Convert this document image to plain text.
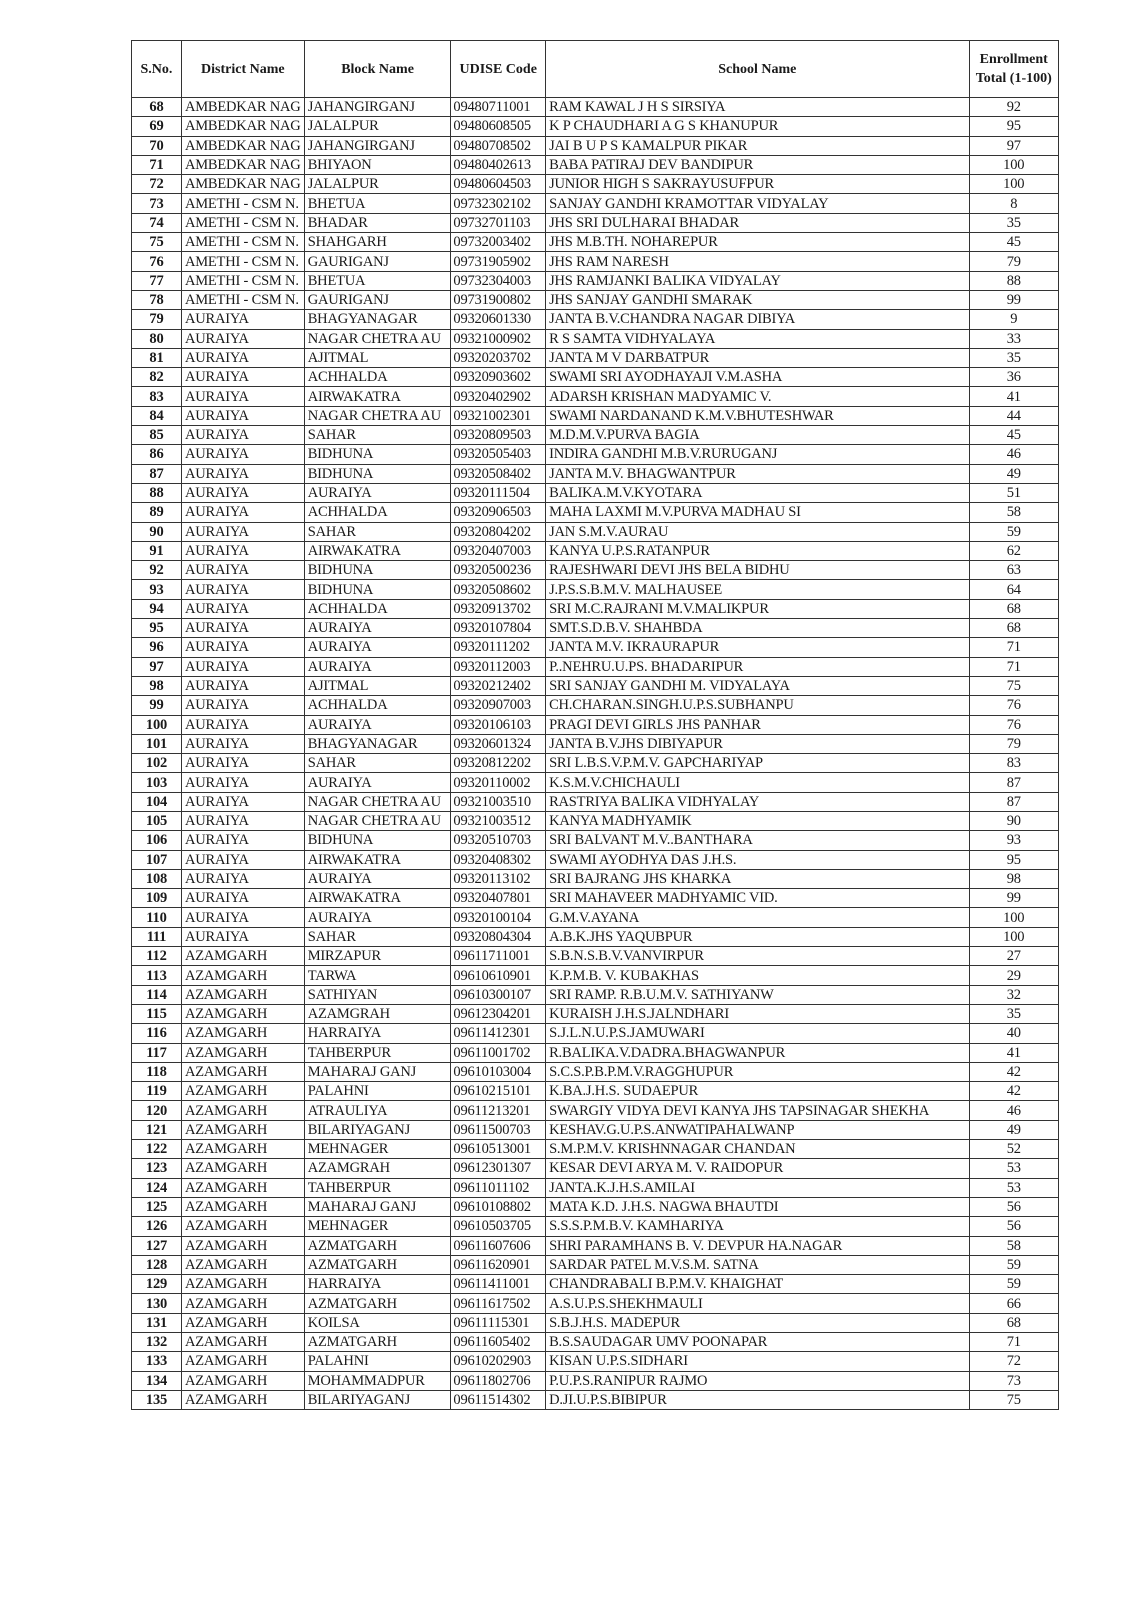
S.No.	District Name	Block Name	UDISE Code	School Name	Enrollment
Total (1-100)
68	AMBEDKAR NAG	JAHANGIRGANJ	09480711001	RAM KAWAL J H S SIRSIYA	92
69	AMBEDKAR NAG	JALALPUR	09480608505	K P CHAUDHARI A G S KHANUPUR	95
70	AMBEDKAR NAG	JAHANGIRGANJ	09480708502	JAI B U P S KAMALPUR PIKAR	97
71	AMBEDKAR NAG	BHIYAON	09480402613	BABA PATIRAJ DEV BANDIPUR	100
72	AMBEDKAR NAG	JALALPUR	09480604503	JUNIOR HIGH S SAKRAYUSUFPUR	100
73	AMETHI - CSM N.	BHETUA	09732302102	SANJAY GANDHI KRAMOTTAR VIDYALAY	8
74	AMETHI - CSM N.	BHADAR	09732701103	JHS SRI DULHARAI BHADAR	35
75	AMETHI - CSM N.	SHAHGARH	09732003402	JHS M.B.TH. NOHAREPUR	45
76	AMETHI - CSM N.	GAURIGANJ	09731905902	JHS RAM NARESH	79
77	AMETHI - CSM N.	BHETUA	09732304003	JHS RAMJANKI BALIKA VIDYALAY	88
78	AMETHI - CSM N.	GAURIGANJ	09731900802	JHS SANJAY GANDHI SMARAK	99
79	AURAIYA	BHAGYANAGAR	09320601330	JANTA B.V.CHANDRA NAGAR DIBIYA	9
80	AURAIYA	NAGAR CHETRA AU	09321000902	R S SAMTA VIDHYALAYA	33
81	AURAIYA	AJITMAL	09320203702	JANTA M V DARBATPUR	35
82	AURAIYA	ACHHALDA	09320903602	SWAMI SRI AYODHAYAJI V.M.ASHA	36
83	AURAIYA	AIRWAKATRA	09320402902	ADARSH KRISHAN MADYAMIC V.	41
84	AURAIYA	NAGAR CHETRA AU	09321002301	SWAMI NARDANAND K.M.V.BHUTESHWAR	44
85	AURAIYA	SAHAR	09320809503	M.D.M.V.PURVA BAGIA	45
86	AURAIYA	BIDHUNA	09320505403	INDIRA GANDHI M.B.V.RURUGANJ	46
87	AURAIYA	BIDHUNA	09320508402	JANTA M.V. BHAGWANTPUR	49
88	AURAIYA	AURAIYA	09320111504	BALIKA.M.V.KYOTARA	51
89	AURAIYA	ACHHALDA	09320906503	MAHA LAXMI M.V.PURVA MADHAU SI	58
90	AURAIYA	SAHAR	09320804202	JAN S.M.V.AURAU	59
91	AURAIYA	AIRWAKATRA	09320407003	KANYA U.P.S.RATANPUR	62
92	AURAIYA	BIDHUNA	09320500236	RAJESHWARI DEVI JHS BELA BIDHU	63
93	AURAIYA	BIDHUNA	09320508602	J.P.S.S.B.M.V. MALHAUSEE	64
94	AURAIYA	ACHHALDA	09320913702	SRI M.C.RAJRANI M.V.MALIKPUR	68
95	AURAIYA	AURAIYA	09320107804	SMT.S.D.B.V. SHAHBDA	68
96	AURAIYA	AURAIYA	09320111202	JANTA M.V. IKRAURAPUR	71
97	AURAIYA	AURAIYA	09320112003	P..NEHRU.U.PS. BHADARIPUR	71
98	AURAIYA	AJITMAL	09320212402	SRI SANJAY GANDHI M. VIDYALAYA	75
99	AURAIYA	ACHHALDA	09320907003	CH.CHARAN.SINGH.U.P.S.SUBHANPU	76
100	AURAIYA	AURAIYA	09320106103	PRAGI DEVI GIRLS JHS PANHAR	76
101	AURAIYA	BHAGYANAGAR	09320601324	JANTA B.V.JHS DIBIYAPUR	79
102	AURAIYA	SAHAR	09320812202	SRI L.B.S.V.P.M.V. GAPCHARIYAP	83
103	AURAIYA	AURAIYA	09320110002	K.S.M.V.CHICHAULI	87
104	AURAIYA	NAGAR CHETRA AU	09321003510	RASTRIYA BALIKA VIDHYALAY	87
105	AURAIYA	NAGAR CHETRA AU	09321003512	KANYA MADHYAMIK	90
106	AURAIYA	BIDHUNA	09320510703	SRI BALVANT M.V..BANTHARA	93
107	AURAIYA	AIRWAKATRA	09320408302	SWAMI AYODHYA DAS J.H.S.	95
108	AURAIYA	AURAIYA	09320113102	SRI BAJRANG JHS KHARKA	98
109	AURAIYA	AIRWAKATRA	09320407801	SRI MAHAVEER MADHYAMIC VID.	99
110	AURAIYA	AURAIYA	09320100104	G.M.V.AYANA	100
111	AURAIYA	SAHAR	09320804304	A.B.K.JHS YAQUBPUR	100
112	AZAMGARH	MIRZAPUR	09611711001	S.B.N.S.B.V.VANVIRPUR	27
113	AZAMGARH	TARWA	09610610901	K.P.M.B. V. KUBAKHAS	29
114	AZAMGARH	SATHIYAN	09610300107	SRI RAMP. R.B.U.M.V. SATHIYANW	32
115	AZAMGARH	AZAMGRAH	09612304201	KURAISH J.H.S.JALNDHARI	35
116	AZAMGARH	HARRAIYA	09611412301	S.J.L.N.U.P.S.JAMUWARI	40
117	AZAMGARH	TAHBERPUR	09611001702	R.BALIKA.V.DADRA.BHAGWANPUR	41
118	AZAMGARH	MAHARAJ GANJ	09610103004	S.C.S.P.B.P.M.V.RAGGHUPUR	42
119	AZAMGARH	PALAHNI	09610215101	K.BA.J.H.S. SUDAEPUR	42
120	AZAMGARH	ATRAULIYA	09611213201	SWARGIY VIDYA DEVI KANYA JHS TAPSINAGAR SHEKHA	46
121	AZAMGARH	BILARIYAGANJ	09611500703	KESHAV.G.U.P.S.ANWATIPAHALWANP	49
122	AZAMGARH	MEHNAGER	09610513001	S.M.P.M.V. KRISHNNAGAR CHANDAN	52
123	AZAMGARH	AZAMGRAH	09612301307	KESAR DEVI ARYA M. V. RAIDOPUR	53
124	AZAMGARH	TAHBERPUR	09611011102	JANTA.K.J.H.S.AMILAI	53
125	AZAMGARH	MAHARAJ GANJ	09610108802	MATA K.D. J.H.S. NAGWA BHAUTDI	56
126	AZAMGARH	MEHNAGER	09610503705	S.S.S.P.M.B.V. KAMHARIYA	56
127	AZAMGARH	AZMATGARH	09611607606	SHRI PARAMHANS B. V. DEVPUR HA.NAGAR	58
128	AZAMGARH	AZMATGARH	09611620901	SARDAR PATEL M.V.S.M. SATNA	59
129	AZAMGARH	HARRAIYA	09611411001	CHANDRABALI B.P.M.V. KHAIGHAT	59
130	AZAMGARH	AZMATGARH	09611617502	A.S.U.P.S.SHEKHMAULI	66
131	AZAMGARH	KOILSA	09611115301	S.B.J.H.S. MADEPUR	68
132	AZAMGARH	AZMATGARH	09611605402	B.S.SAUDAGAR UMV POONAPAR	71
133	AZAMGARH	PALAHNI	09610202903	KISAN U.P.S.SIDHARI	72
134	AZAMGARH	MOHAMMADPUR	09611802706	P.U.P.S.RANIPUR RAJMO	73
135	AZAMGARH	BILARIYAGANJ	09611514302	D.JI.U.P.S.BIBIPUR	75
